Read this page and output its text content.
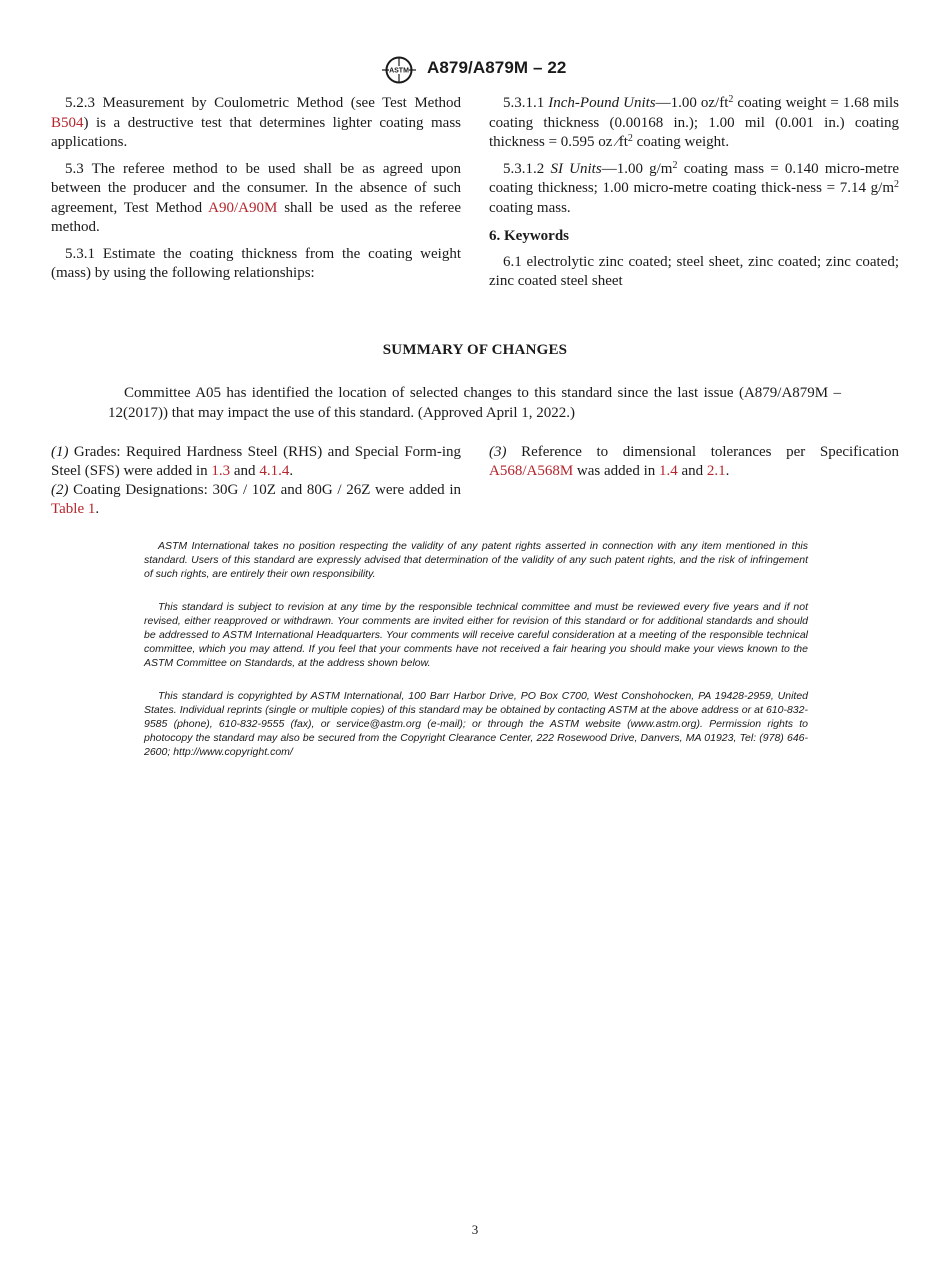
ASTM A879/A879M – 22

5.2.3 Measurement by Coulometric Method (see Test Method B504) is a destructive test that determines lighter coating mass applications.

5.3 The referee method to be used shall be as agreed upon between the producer and the consumer. In the absence of such agreement, Test Method A90/A90M shall be used as the referee method.

5.3.1 Estimate the coating thickness from the coating weight (mass) by using the following relationships:

5.3.1.1 Inch-Pound Units—1.00 $oz/ft^2$ coating weight = 1.68 mils coating thickness (0.00168 in.); 1.00 mil (0.001 in.) coating thickness = 0.595 oz $⁄ft^2$ coating weight.

5.3.1.2 SI Units—1.00 $g/m^2$ coating mass = 0.140 micro-metre coating thickness; 1.00 micro-metre coating thick-ness = 7.14 $g/m^2$ coating mass.

6. Keywords

6.1 electrolytic zinc coated; steel sheet, zinc coated; zinc coated; zinc coated steel sheet

SUMMARY OF CHANGES
Committee A05 has identified the location of selected changes to this standard since the last issue (A879/A879M – 12(2017)) that may impact the use of this standard. (Approved April 1, 2022.)

(1) Grades: Required Hardness Steel (RHS) and Special Form-ing Steel (SFS) were added in 1.3 and 4.1.4.

(2) Coating Designations: 30G / 10Z and 80G / 26Z were added in Table 1.

(3) Reference to dimensional tolerances per Specification A568/A568M was added in 1.4 and 2.1.

ASTM International takes no position respecting the validity of any patent rights asserted in connection with any item mentioned in this standard. Users of this standard are expressly advised that determination of the validity of any such patent rights, and the risk of infringement of such rights, are entirely their own responsibility.
This standard is subject to revision at any time by the responsible technical committee and must be reviewed every five years and if not revised, either reapproved or withdrawn. Your comments are invited either for revision of this standard or for additional standards and should be addressed to ASTM International Headquarters. Your comments will receive careful consideration at a meeting of the responsible technical committee, which you may attend. If you feel that your comments have not received a fair hearing you should make your views known to the ASTM Committee on Standards, at the address shown below.
This standard is copyrighted by ASTM International, 100 Barr Harbor Drive, PO Box C700, West Conshohocken, PA 19428-2959, United States. Individual reprints (single or multiple copies) of this standard may be obtained by contacting ASTM at the above address or at 610-832-9585 (phone), 610-832-9555 (fax), or service@astm.org (e-mail); or through the ASTM website (www.astm.org). Permission rights to photocopy the standard may also be secured from the Copyright Clearance Center, 222 Rosewood Drive, Danvers, MA 01923, Tel: (978) 646-2600; http://www.copyright.com/
3
